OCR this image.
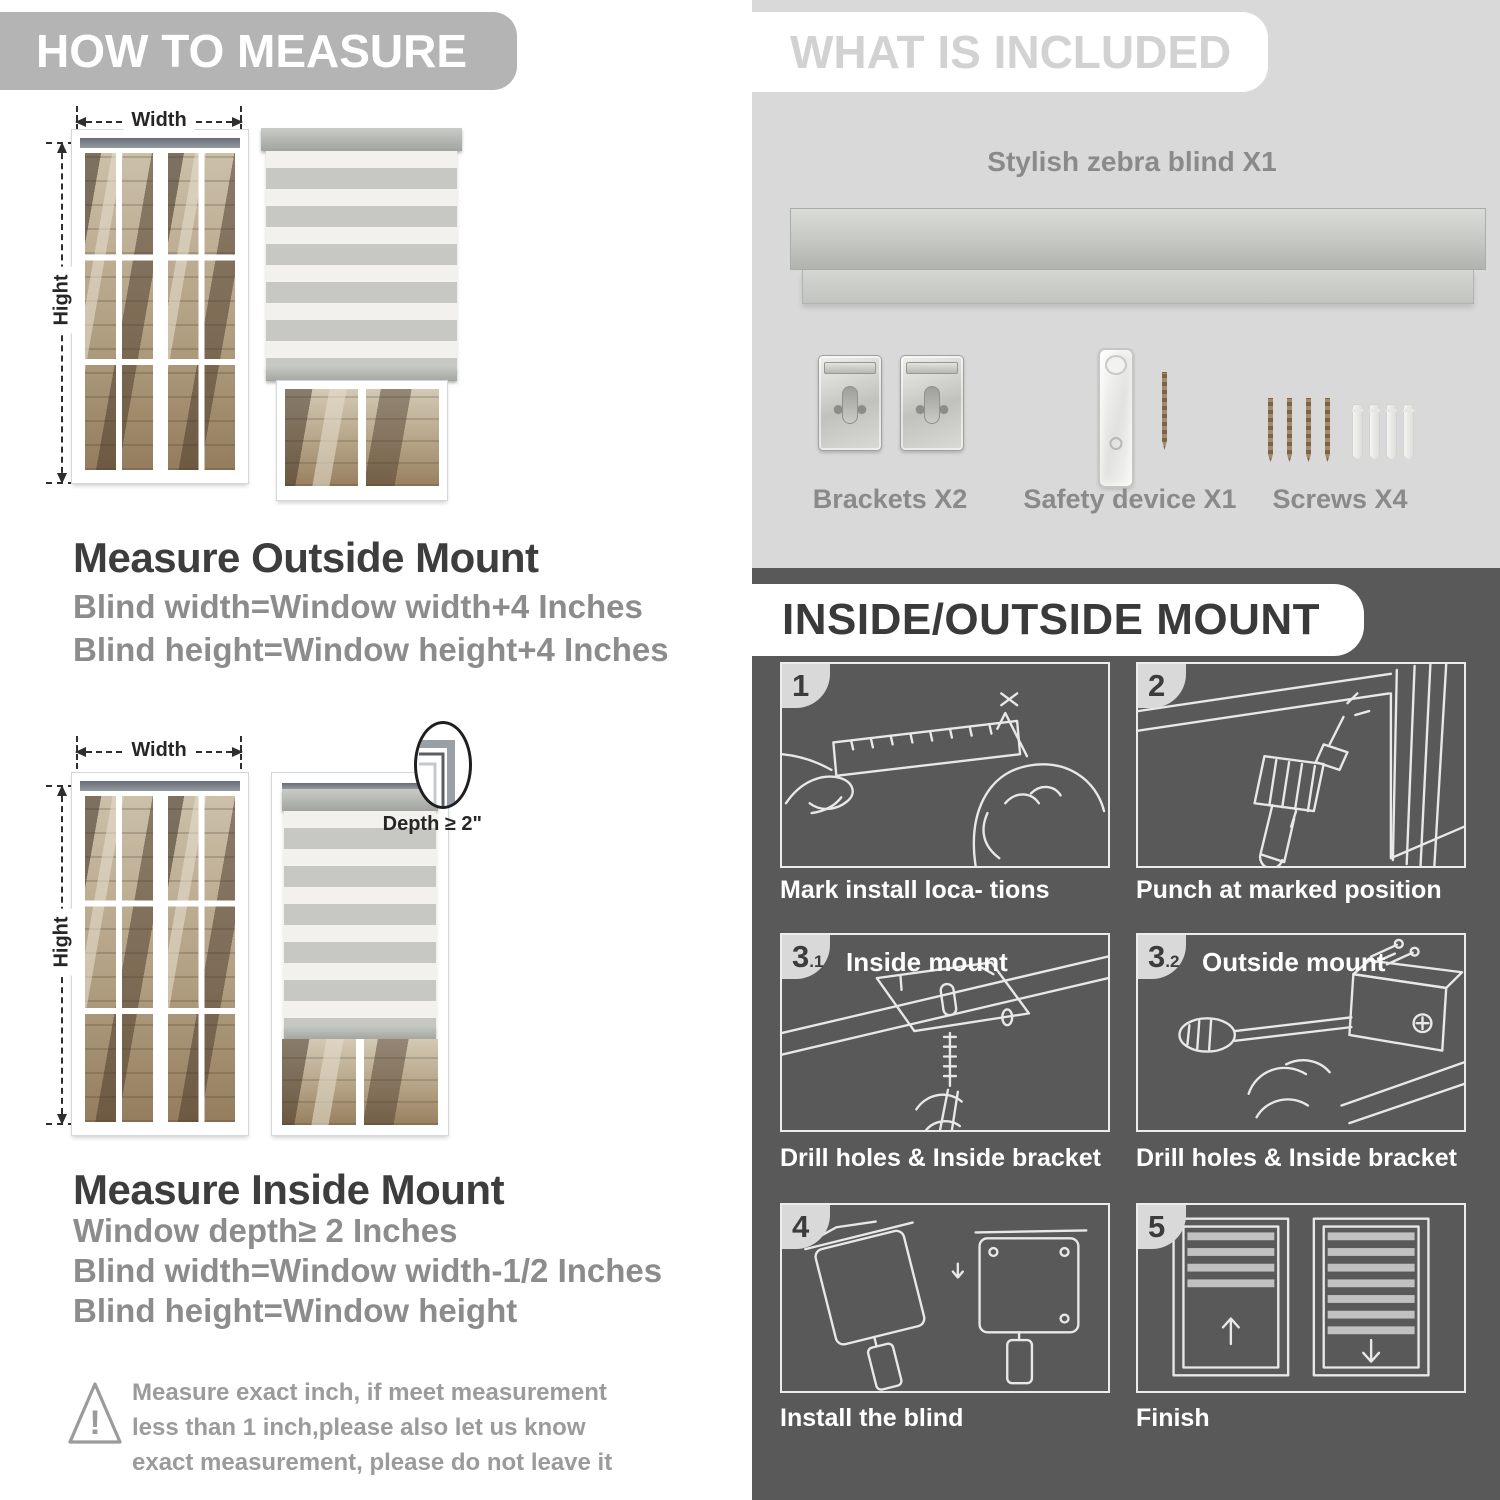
HOW TO MEASURE
Width
Hight
Measure Outside Mount
Blind width=Window width+4 Inches
Blind height=Window height+4 Inches
Width
Hight
Depth ≥ 2"
Measure Inside Mount
Window depth≥ 2 Inches
Blind width=Window width-1/2 Inches
Blind height=Window height
!
Measure exact inch, if meet measurement less than 1 inch,please also let us know exact measurement, please do not leave it
WHAT IS INCLUDED
Stylish zebra blind X1
Brackets X2 Safety device X1 Screws X4
INSIDE/OUTSIDE MOUNT
1
Mark install loca- tions
2
Punch at marked position
3 .1 Inside mount
Drill holes & Inside bracket
3 .2 Outside mount
Drill holes & Inside bracket
4
Install the blind
5
Finish
